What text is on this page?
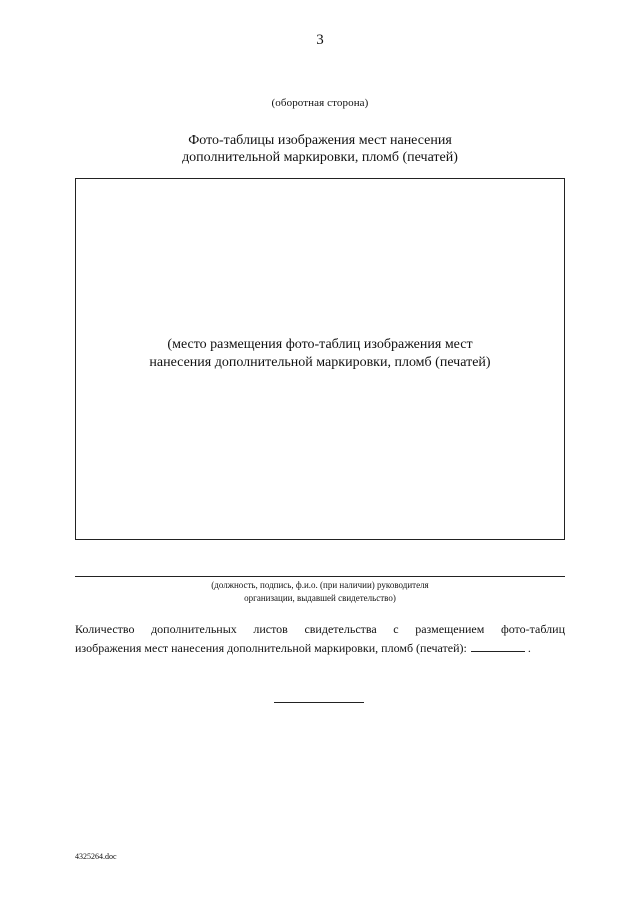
3
(оборотная сторона)
Фото-таблицы изображения мест нанесения
дополнительной маркировки, пломб (печатей)
(место размещения фото-таблиц изображения мест
нанесения дополнительной маркировки, пломб (печатей)
(должность, подпись, ф.и.о. (при наличии) руководителя
организации, выдавшей свидетельство)
Количество дополнительных листов свидетельства с размещением фото-таблиц
изображения мест нанесения дополнительной маркировки, пломб (печатей):	.
4325264.doc
